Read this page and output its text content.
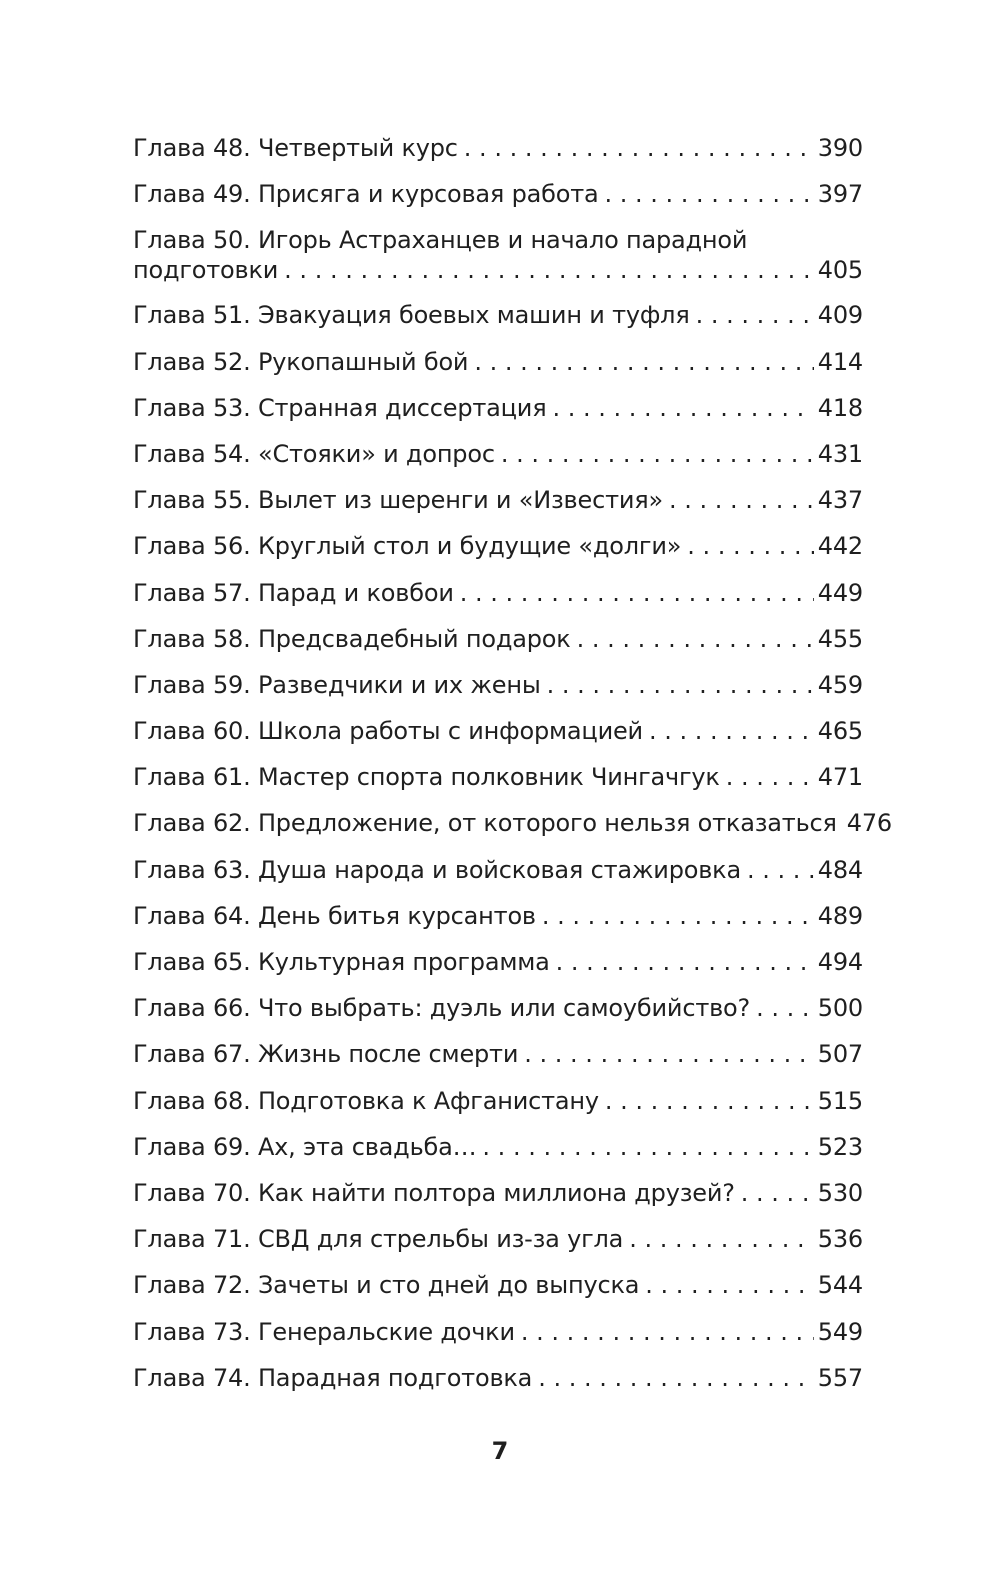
Глава 48. Четвертый курс . . .	390
Глава 49. Присяга и курсовая работа . . .	397
Глава 50. Игорь Астраханцев и начало парадной
подготовки . . .	405
Глава 51. Эвакуация боевых машин и туфля . . .	409
Глава 52. Рукопашный бой . . .	414
Глава 53. Странная диссертация . . .	418
Глава 54. «Стояки» и допрос . . .	431
Глава 55. Вылет из шеренги и «Известия» . . .	437
Глава 56. Круглый стол и будущие «долги» . . .	442
Глава 57. Парад и ковбои . . .	449
Глава 58. Предсвадебный подарок . . .	455
Глава 59. Разведчики и их жены . . .	459
Глава 60. Школа работы с информацией . . .	465
Глава 61. Мастер спорта полковник Чингачгук . . .	471
Глава 62. Предложение, от которого нельзя отказаться 476
Глава 63. Душа народа и войсковая стажировка . . .	484
Глава 64. День битья курсантов . . .	489
Глава 65. Культурная программа . . .	494
Глава 66. Что выбрать: дуэль или самоубийство? . . .	500
Глава 67. Жизнь после смерти . . .	507
Глава 68. Подготовка к Афганистану . . .	515
Глава 69. Ах, эта свадьба… . . .	523
Глава 70. Как найти полтора миллиона друзей? . . .	530
Глава 71. СВД для стрельбы из-за угла . . .	536
Глава 72. Зачеты и сто дней до выпуска . . .	544
Глава 73. Генеральские дочки . . .	549
Глава 74. Парадная подготовка . . .	557
7
